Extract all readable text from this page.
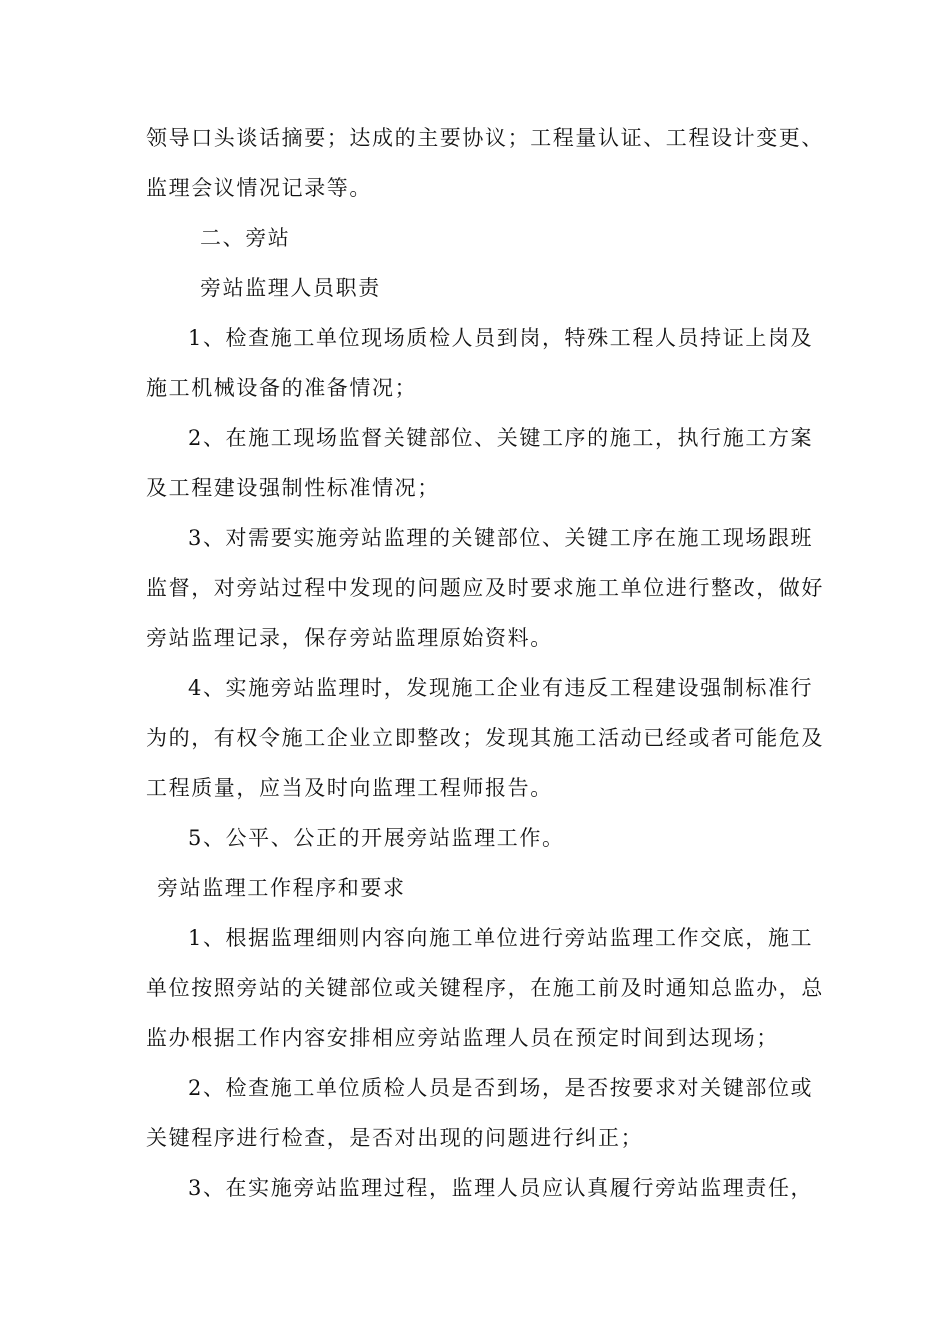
领导口头谈话摘要；达成的主要协议；工程量认证、工程设计变更、
监理会议情况记录等。
二、旁站
旁站监理人员职责
1、检查施工单位现场质检人员到岗，特殊工程人员持证上岗及
施工机械设备的准备情况；
2、在施工现场监督关键部位、关键工序的施工，执行施工方案
及工程建设强制性标准情况；
3、对需要实施旁站监理的关键部位、关键工序在施工现场跟班
监督，对旁站过程中发现的问题应及时要求施工单位进行整改，做好
旁站监理记录，保存旁站监理原始资料。
4、实施旁站监理时，发现施工企业有违反工程建设强制标准行
为的，有权令施工企业立即整改；发现其施工活动已经或者可能危及
工程质量，应当及时向监理工程师报告。
5、公平、公正的开展旁站监理工作。
旁站监理工作程序和要求
1、根据监理细则内容向施工单位进行旁站监理工作交底，施工
单位按照旁站的关键部位或关键程序，在施工前及时通知总监办，总
监办根据工作内容安排相应旁站监理人员在预定时间到达现场；
2、检查施工单位质检人员是否到场，是否按要求对关键部位或
关键程序进行检查，是否对出现的问题进行纠正；
3、在实施旁站监理过程，监理人员应认真履行旁站监理责任，
